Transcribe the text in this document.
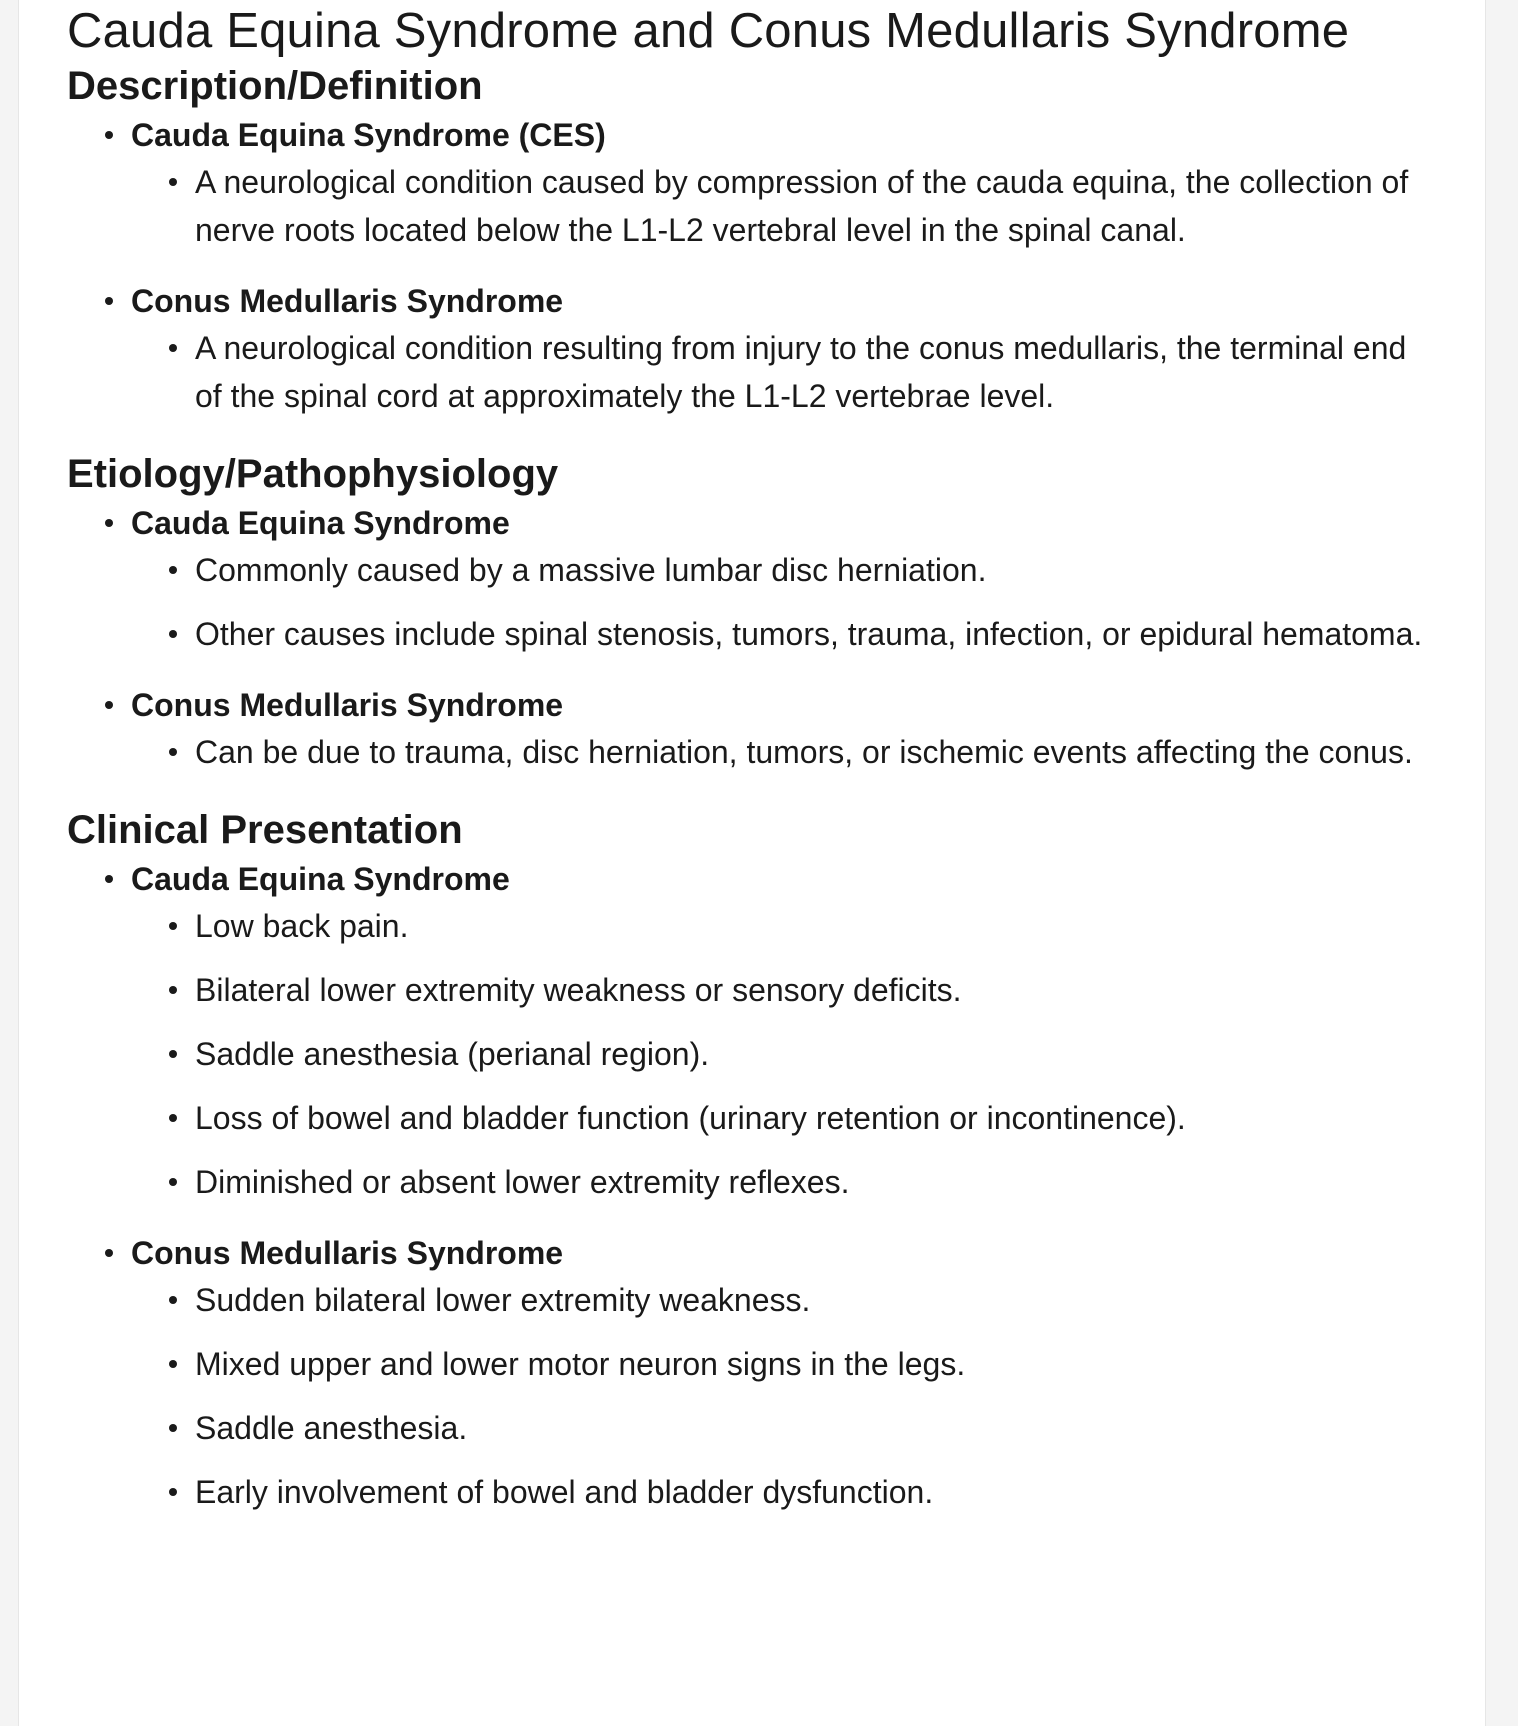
Cauda Equina Syndrome and Conus Medullaris Syndrome
Description/Definition
Cauda Equina Syndrome (CES)
A neurological condition caused by compression of the cauda equina, the collection of nerve roots located below the L1-L2 vertebral level in the spinal canal.
Conus Medullaris Syndrome
A neurological condition resulting from injury to the conus medullaris, the terminal end of the spinal cord at approximately the L1-L2 vertebrae level.
Etiology/Pathophysiology
Cauda Equina Syndrome
Commonly caused by a massive lumbar disc herniation.
Other causes include spinal stenosis, tumors, trauma, infection, or epidural hematoma.
Conus Medullaris Syndrome
Can be due to trauma, disc herniation, tumors, or ischemic events affecting the conus.
Clinical Presentation
Cauda Equina Syndrome
Low back pain.
Bilateral lower extremity weakness or sensory deficits.
Saddle anesthesia (perianal region).
Loss of bowel and bladder function (urinary retention or incontinence).
Diminished or absent lower extremity reflexes.
Conus Medullaris Syndrome
Sudden bilateral lower extremity weakness.
Mixed upper and lower motor neuron signs in the legs.
Saddle anesthesia.
Early involvement of bowel and bladder dysfunction.
